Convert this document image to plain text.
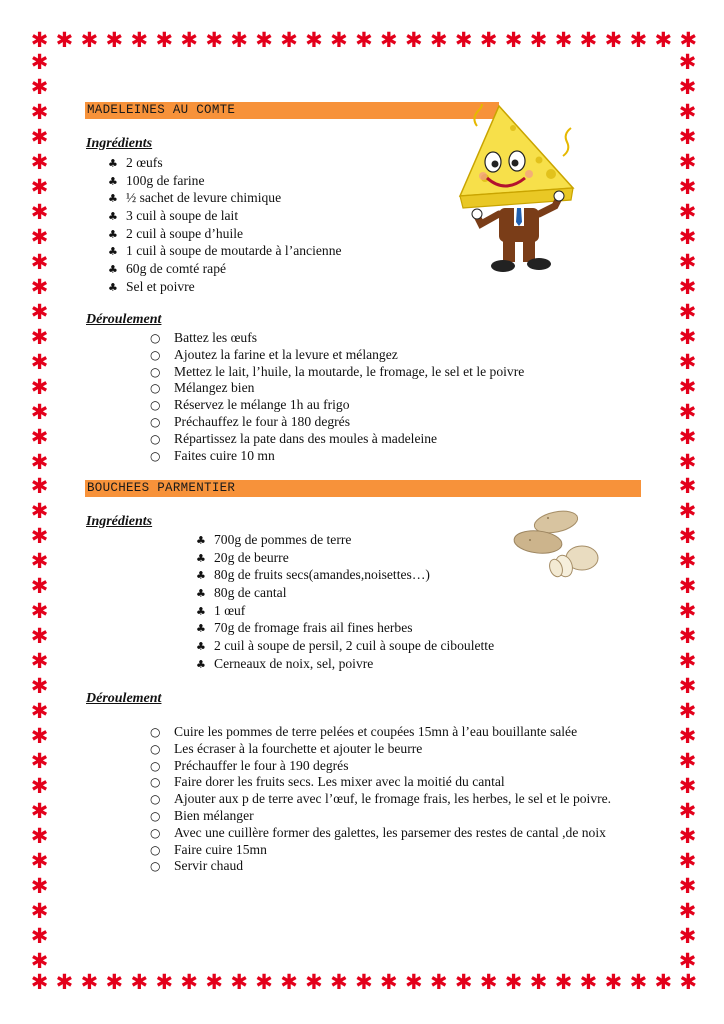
✱ ✱ ✱ ✱ ✱ ✱ ✱ ✱ ✱ ✱ ✱ ✱ ✱ ✱ ✱ ✱ ✱ ✱ ✱ ✱ ✱ ✱ ✱ ✱ ✱ ✱ ✱
✱ ✱ ✱ ✱ ✱ ✱ ✱ ✱ ✱ ✱ ✱ ✱ ✱ ✱ ✱ ✱ ✱ ✱ ✱ ✱ ✱ ✱ ✱ ✱ ✱ ✱ ✱
✱
✱
✱
✱
✱
✱
✱
✱
✱
✱
✱
✱
✱
✱
✱
✱
✱
✱
✱
✱
✱
✱
✱
✱
✱
✱
✱
✱
✱
✱
✱
✱
✱
✱
✱
✱
✱
✱
✱
✱
✱
✱
✱
✱
✱
✱
✱
✱
✱
✱
✱
✱
✱
✱
✱
✱
✱
✱
✱
✱
✱
✱
✱
✱
✱
✱
✱
✱
✱
✱
✱
✱
✱
✱
MADELEINES AU COMTE
Ingrédients
♣ 2 œufs
♣ 100g de farine
♣ ½ sachet de levure chimique
♣ 3 cuil à soupe de lait
♣ 2 cuil à soupe d’huile
♣ 1 cuil à soupe de moutarde à l’ancienne
♣ 60g de comté rapé
♣ Sel et poivre
Déroulement
○ Battez les œufs
○ Ajoutez la farine et la levure et mélangez
○ Mettez le lait, l’huile, la moutarde, le fromage, le sel et le poivre
○ Mélangez bien
○ Réservez le mélange 1h au frigo
○ Préchauffez le four à 180 degrés
○ Répartissez la pate dans des moules à madeleine
○ Faites cuire 10 mn
BOUCHEES PARMENTIER
Ingrédients
♣ 700g de pommes de terre
♣ 20g de beurre
♣ 80g de fruits secs(amandes,noisettes…)
♣ 80g de cantal
♣ 1 œuf
♣ 70g de fromage frais ail fines herbes
♣ 2 cuil à soupe de persil, 2 cuil à soupe de ciboulette
♣ Cerneaux de noix, sel, poivre
Déroulement
○ Cuire les pommes de terre pelées et coupées 15mn à l’eau bouillante salée
○ Les écraser à la fourchette et ajouter le beurre
○ Préchauffer le four à 190 degrés
○ Faire dorer les fruits secs. Les mixer avec la moitié du cantal
○ Ajouter aux p de terre avec l’œuf, le fromage frais, les herbes, le sel et le poivre.
○ Bien mélanger
○ Avec une cuillère former des galettes, les parsemer des restes de cantal ,de noix
○ Faire cuire 15mn
○ Servir chaud
